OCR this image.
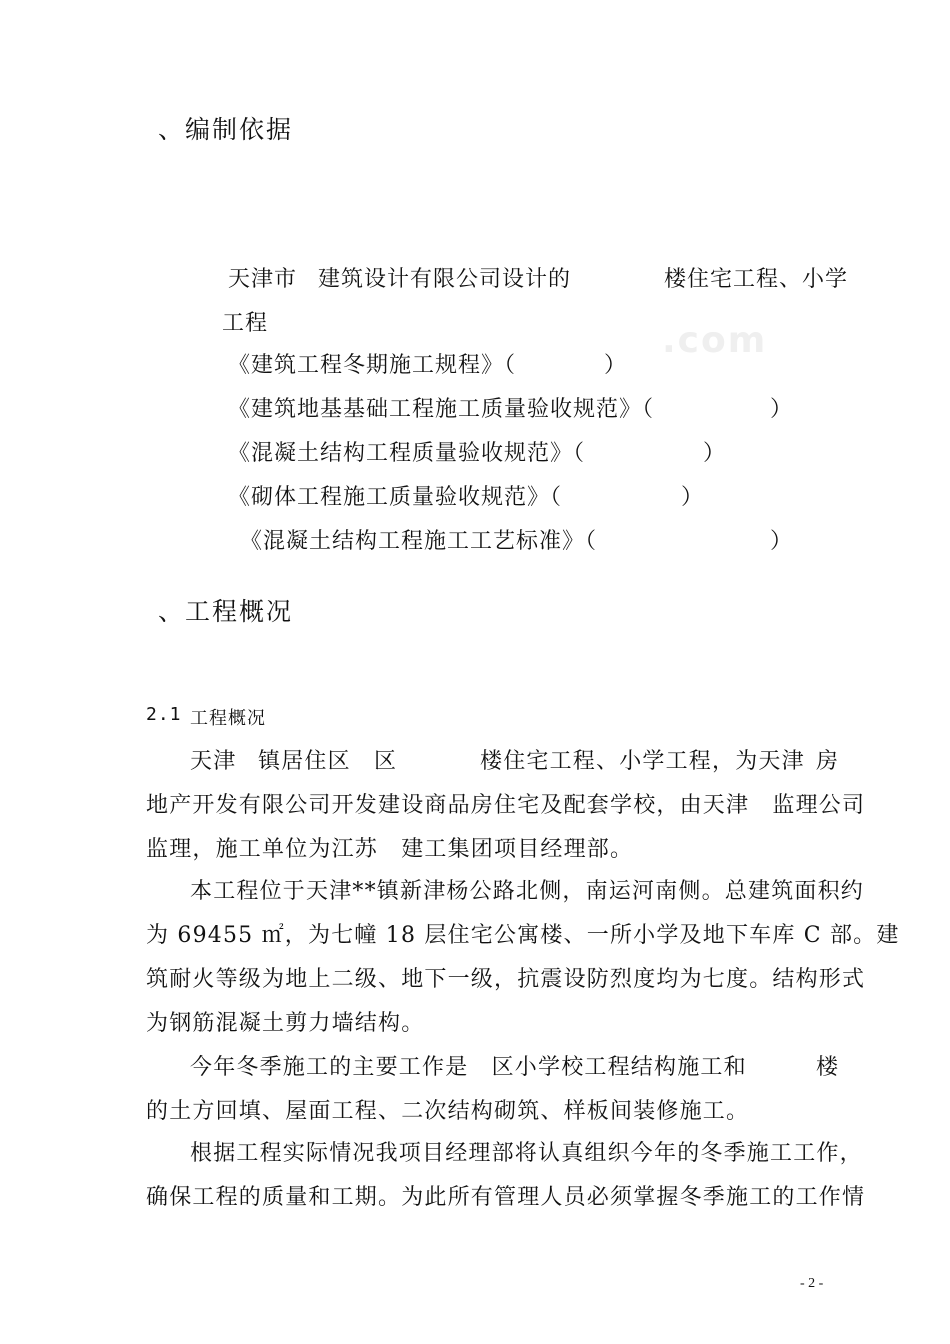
、编制依据
天津市 建筑设计有限公司设计的	楼住宅工程、小学
工程	.com
《建筑工程冬期施工规程》（	）
《建筑地基基础工程施工质量验收规范》（	）
《混凝土结构工程质量验收规范》（	）
《砌体工程施工质量验收规范》（	）
《混凝土结构工程施工工艺标准》（	）
、工程概况
2.1 工程概况
天津 镇居住区 区	楼住宅工程、小学工程，为天津 房
地产开发有限公司开发建设商品房住宅及配套学校，由天津　监理公司
监理，施工单位为江苏　建工集团项目经理部。
本工程位于天津**镇新津杨公路北侧，南运河南侧。总建筑面积约
为 69455 ㎡，为七幢 18 层住宅公寓楼、一所小学及地下车库 C 部。建
筑耐火等级为地上二级、地下一级，抗震设防烈度均为七度。结构形式
为钢筋混凝土剪力墙结构。
今年冬季施工的主要工作是　区小学校工程结构施工和	楼
的土方回填、屋面工程、二次结构砌筑、样板间装修施工。
根据工程实际情况我项目经理部将认真组织今年的冬季施工工作，
确保工程的质量和工期。为此所有管理人员必须掌握冬季施工的工作情
- 2 -
